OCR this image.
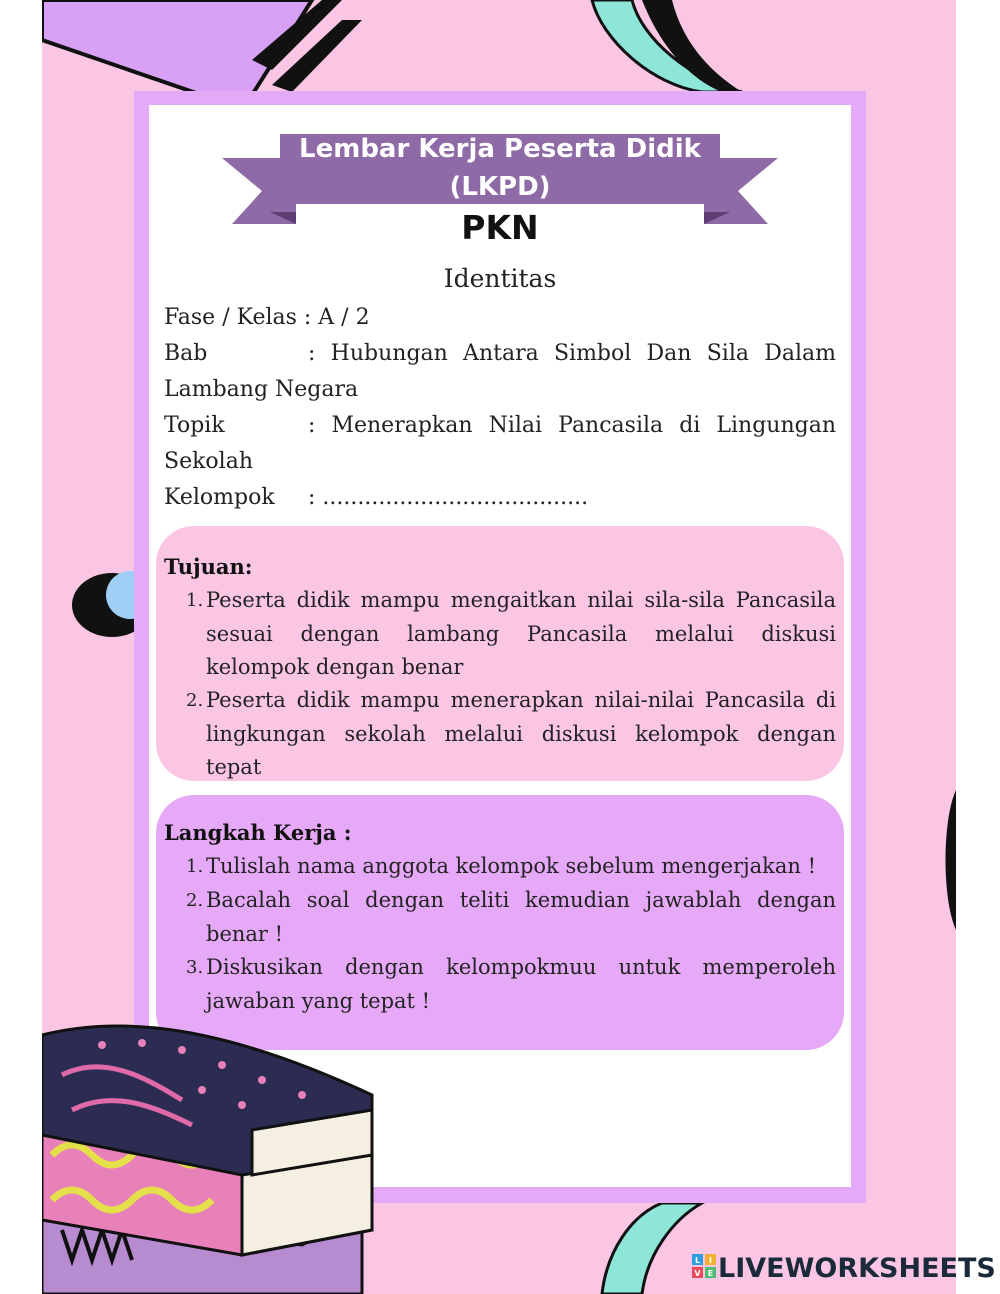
Lembar Kerja Peserta Didik
(LKPD)
PKN
Identitas
Fase / Kelas : A / 2
Bab	: Hubungan Antara Simbol Dan Sila Dalam
Lambang Negara
Topik	: Menerapkan Nilai Pancasila di Lingungan
Sekolah
Kelompok : ......................................
Tujuan:
1. Peserta didik mampu mengaitkan nilai sila-sila Pancasila
sesuai dengan lambang Pancasila melalui diskusi
kelompok dengan benar
2. Peserta didik mampu menerapkan nilai-nilai Pancasila di
lingkungan sekolah melalui diskusi kelompok dengan
tepat
Langkah Kerja :
1. Tulislah nama anggota kelompok sebelum mengerjakan !
2. Bacalah soal dengan teliti kemudian jawablah dengan
benar !
3. Diskusikan dengan kelompokmuu untuk memperoleh
jawaban yang tepat !
L I
V E LIVEWORKSHEETS
